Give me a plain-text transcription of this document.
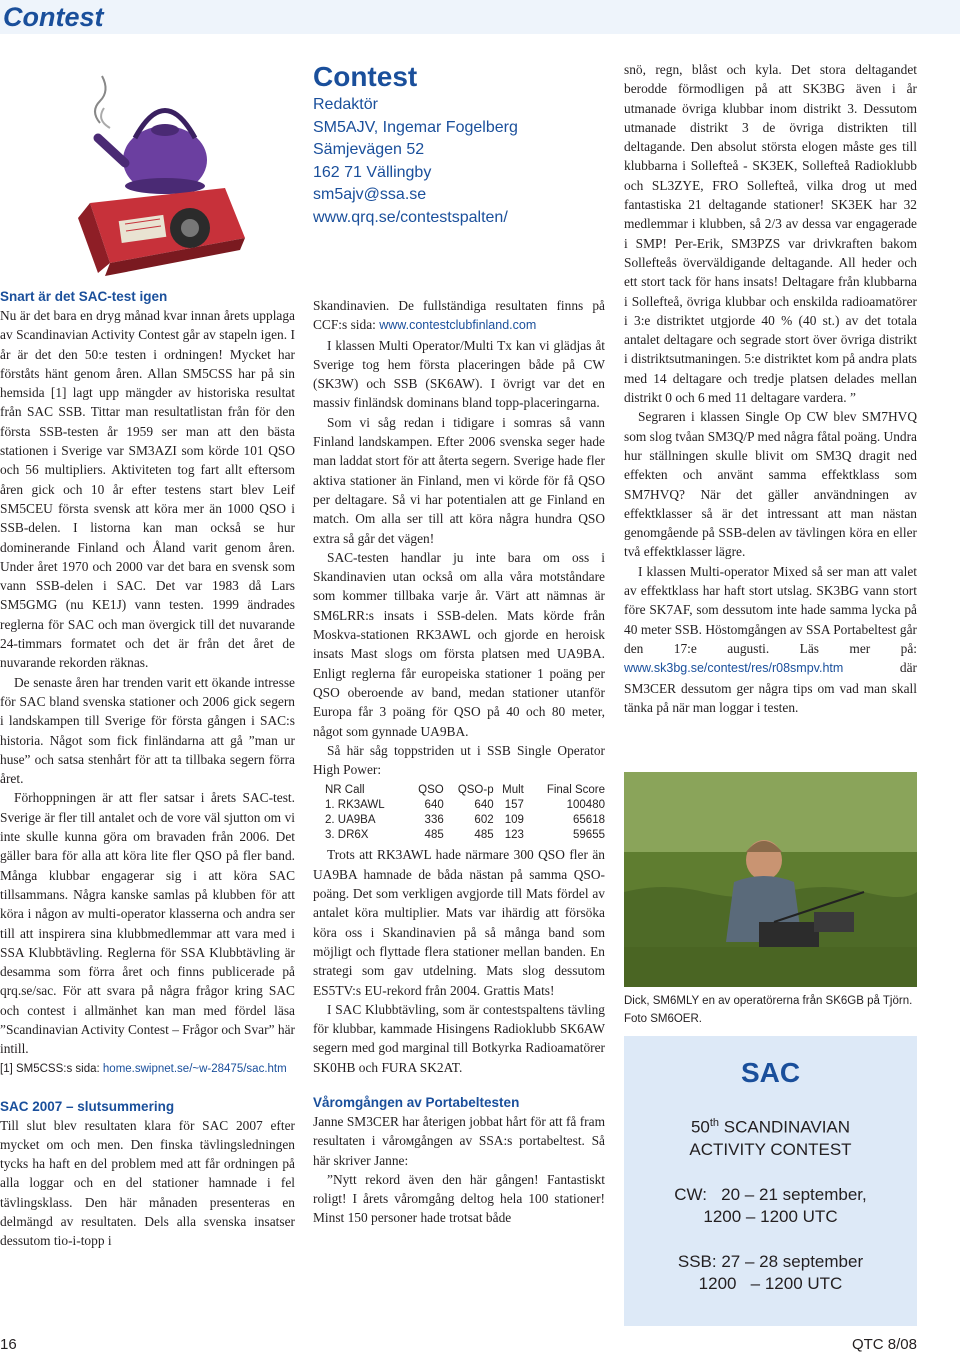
Contest
Snart är det SAC-test igen

Nu är det bara en dryg månad kvar innan årets upplaga av Scandinavian Activity Contest går av stapeln igen. I år är det den 50:e testen i ordningen! Mycket har förståts hänt genom åren. Allan SM5CSS har på sin hemsida [1] lagt upp mängder av historiska resultat från SAC SSB. Tittar man resultatlistan från för den första SSB-testen år 1959 ser man att den bästa stationen i Sverige var SM3AZI som körde 101 QSO och 56 multipliers. Aktiviteten tog fart allt eftersom åren gick och 10 år efter testens start blev Leif SM5CEU första svensk att köra mer än 1000 QSO i SSB-delen. I listorna kan man också se hur dominerande Finland och Åland varit genom åren. Under året 1970 och 2000 var det bara en svensk som vann SSB-delen i SAC. Det var 1983 då Lars SM5GMG (nu KE1J) vann testen. 1999 ändrades reglerna för SAC och man övergick till det nuvarande 24-timmars formatet och det är från det året de nuvarande rekorden räknas.

De senaste åren har trenden varit ett ökande intresse för SAC bland svenska stationer och 2006 gick segern i landskampen till Sverige för första gången i SAC:s historia. Något som fick finländarna att gå ”man ur huse” och satsa stenhårt för att ta tillbaka segern förra året.

Förhoppningen är att fler satsar i årets SAC-test. Sverige är fler till antalet och de vore väl sjutton om vi inte skulle kunna göra om bravaden från 2006. Det gäller bara för alla att köra lite fler QSO på fler band. Många klubbar engagerar sig i att köra SAC tillsammans. Några kanske samlas på klubben för att köra i någon av multi-operator klasserna och andra ser till att inspirera sina klubbmedlemmar att vara med i SSA Klubbtävling. Reglerna för SSA Klubbtävling är desamma som förra året och finns publicerade på qrq.se/sac. För att svara på några frågor kring SAC och contest i allmänhet kan man med fördel läsa ”Scandinavian Activity Contest – Frågor och Svar” här intill.

[1] SM5CSS:s sida: home.swipnet.se/~w-28475/sac.htm
SAC 2007 – slutsummering

Till slut blev resultaten klara för SAC 2007 efter mycket om och men. Den finska tävlingsledningen tycks ha haft en del problem med att får ordningen på alla loggar och en del stationer hamnade i fel tävlingsklass. Den här månaden presenteras en delmängd av resultaten. Dels alla svenska insatser dessutom tio-i-topp i

Contest
Redaktör
SM5AJV, Ingemar Fogelberg
Sämjevägen 52
162 71 Vällingby
sm5ajv@ssa.se
www.qrq.se/contestspalten/

Skandinavien. De fullständiga resultaten finns på CCF:s sida: www.contestclubfinland.com

I klassen Multi Operator/Multi Tx kan vi glädjas åt Sverige tog hem första placeringen både på CW (SK3W) och SSB (SK6AW). I övrigt var det en massiv finländsk dominans bland topp-placeringarna.

Som vi såg redan i tidigare i somras så vann Finland landskampen. Efter 2006 svenska seger hade man laddat stort för att återta segern. Sverige hade fler aktiva stationer än Finland, men vi körde för få QSO per deltagare. Så vi har potentialen att ge Finland en match. Om alla ser till att köra några hundra QSO extra så går det vägen!

SAC-testen handlar ju inte bara om oss i Skandinavien utan också om alla våra motståndare som kommer tillbaka varje år. Värt att nämnas är SM6LRR:s insats i SSB-delen. Mats körde från Moskva-stationen RK3AWL och gjorde en heroisk insats Mast slogs om första platsen med UA9BA. Enligt reglerna får europeiska stationer 1 poäng per QSO oberoende av band, medan stationer utanför Europa får 3 poäng för QSO på 40 och 80 meter, något som gynnade UA9BA.

Så här såg toppstriden ut i SSB Single Operator High Power:

NR Call	QSO	QSO-p	Mult	Final Score
1. RK3AWL	640	640	157	100480
2. UA9BA	336	602	109	65618
3. DR6X	485	485	123	59655

Trots att RK3AWL hade närmare 300 QSO fler än UA9BA hamnade de båda nästan på samma QSO-poäng. Det som verkligen avgjorde till Mats fördel av antalet köra multiplier. Mats var ihärdig att försöka köra oss i Skandinavien på så många band som möjligt och flyttade flera stationer mellan banden. En strategi som gav utdelning. Mats slog dessutom ES5TV:s EU-rekord från 2004. Grattis Mats!

I SAC Klubbtävling, som är contestspaltens tävling för klubbar, kammade Hisingens Radioklubb SK6AW segern med god marginal till Botkyrka Radioamatörer SK0HB och FURA SK2AT.

Våromgången av Portabeltesten

Janne SM3CER har återigen jobbat hårt för att få fram resultaten i vårомgången av SSA:s portabeltest. Så här skriver Janne:

”Nytt rekord även den här gången! Fantastiskt roligt! I årets våromgång deltog hela 100 stationer! Minst 150 personer hade trotsat både

snö, regn, blåst och kyla. Det stora deltagandet berodde förmodligen på att SK3BG även i år utmanade övriga klubbar inom distrikt 3. Dessutom utmanade distrikt 3 de övriga distrikten till deltagande. Den absolut största elogen måste ges till klubbarna i Sollefteå - SK3EK, Sollefteå Radioklubb och SL3ZYE, FRO Sollefteå, vilka drog ut med fantastiska 21 deltagande stationer! SK3EK har 32 medlemmar i klubben, så 2/3 av dessa var engagerade i SMP! Per-Erik, SM3PZS var drivkraften bakom Sollefteås överväldigande deltagande. All heder och ett stort tack för hans insats! Deltagare från klubbarna i Sollefteå, övriga klubbar och enskilda radioamatörer i 3:e distriktet utgjorde 40 % (40 st.) av det totala antalet deltagare och segrade stort över övriga distrikt i distriktsutmaningen. 5:e distriktet kom på andra plats med 14 deltagare och tredje platsen delades mellan distrikt 0 och 6 med 11 deltagare vardera. ”

Segraren i klassen Single Op CW blev SM7HVQ som slog tvåan SM3Q/P med några fåtal poäng. Undra hur ställningen skulle blivit om SM3Q dragit ned effekten och använt samma effektklass som SM7HVQ? När det gäller användningen av effektklasser så är det intressant att man nästan genomgående på SSB-delen av tävlingen köra en eller två effektklasser lägre.

I klassen Multi-operator Mixed så ser man att valet av effektklass har haft stort utslag. SK3BG vann stort före SK7AF, som dessutom inte hade samma lycka på 40 meter SSB. Höstomgången av SSA Portabeltest går den 17:e augusti. Läs mer på: www.sk3bg.se/contest/res/r08smpv.htm där SM3CER dessutom ger några tips om vad man skall tänka på när man loggar i testen.

Dick, SM6MLY en av operatörerna från SK6GB på Tjörn. Foto SM6OER.
SAC
50th SCANDINAVIAN
ACTIVITY CONTEST
CW:   20 – 21 september,
1200 – 1200 UTC
SSB: 27 – 28 september
1200   – 1200 UTC
16	QTC 8/08
